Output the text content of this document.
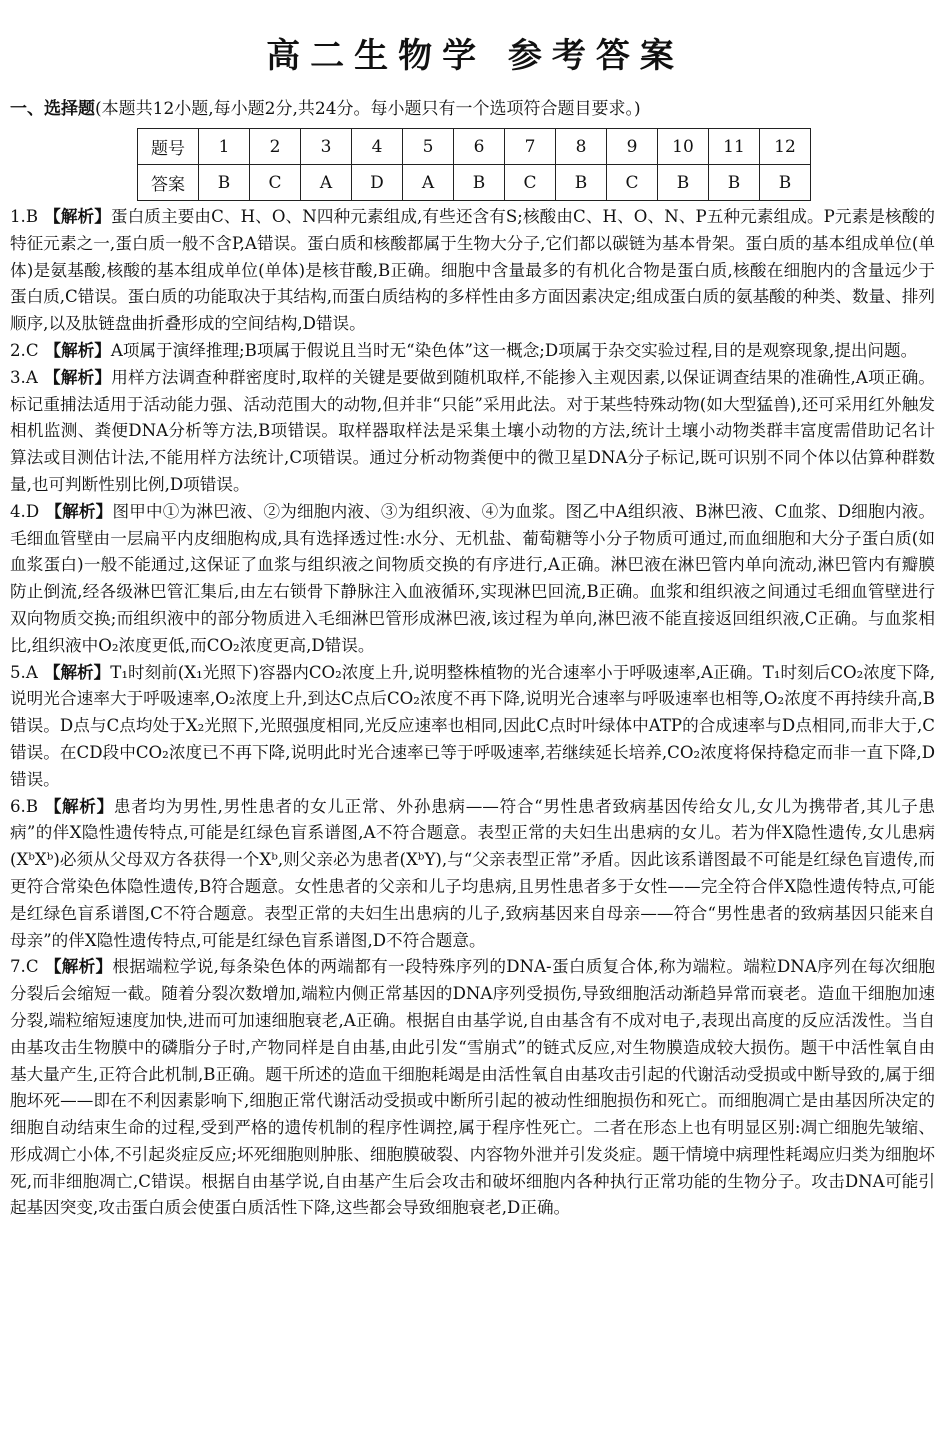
高二生物学 参考答案
一、选择题(本题共12小题,每小题2分,共24分。每小题只有一个选项符合题目要求。)
题号	1	2	3	4	5	6	7	8	9	10	11	12
答案	B	C	A	D	A	B	C	B	C	B	B	B
1.B 【解析】蛋白质主要由C、H、O、N四种元素组成,有些还含有S;核酸由C、H、O、N、P五种元素组成。P元素是核酸的特征元素之一,蛋白质一般不含P,A错误。蛋白质和核酸都属于生物大分子,它们都以碳链为基本骨架。蛋白质的基本组成单位(单体)是氨基酸,核酸的基本组成单位(单体)是核苷酸,B正确。细胞中含量最多的有机化合物是蛋白质,核酸在细胞内的含量远少于蛋白质,C错误。蛋白质的功能取决于其结构,而蛋白质结构的多样性由多方面因素决定;组成蛋白质的氨基酸的种类、数量、排列顺序,以及肽链盘曲折叠形成的空间结构,D错误。
2.C 【解析】A项属于演绎推理;B项属于假说且当时无“染色体”这一概念;D项属于杂交实验过程,目的是观察现象,提出问题。
3.A 【解析】用样方法调查种群密度时,取样的关键是要做到随机取样,不能掺入主观因素,以保证调查结果的准确性,A项正确。标记重捕法适用于活动能力强、活动范围大的动物,但并非“只能”采用此法。对于某些特殊动物(如大型猛兽),还可采用红外触发相机监测、粪便DNA分析等方法,B项错误。取样器取样法是采集土壤小动物的方法,统计土壤小动物类群丰富度需借助记名计算法或目测估计法,不能用样方法统计,C项错误。通过分析动物粪便中的微卫星DNA分子标记,既可识别不同个体以估算种群数量,也可判断性别比例,D项错误。
4.D 【解析】图甲中①为淋巴液、②为细胞内液、③为组织液、④为血浆。图乙中A组织液、B淋巴液、C血浆、D细胞内液。毛细血管壁由一层扁平内皮细胞构成,具有选择透过性:水分、无机盐、葡萄糖等小分子物质可通过,而血细胞和大分子蛋白质(如血浆蛋白)一般不能通过,这保证了血浆与组织液之间物质交换的有序进行,A正确。淋巴液在淋巴管内单向流动,淋巴管内有瓣膜防止倒流,经各级淋巴管汇集后,由左右锁骨下静脉注入血液循环,实现淋巴回流,B正确。血浆和组织液之间通过毛细血管壁进行双向物质交换;而组织液中的部分物质进入毛细淋巴管形成淋巴液,该过程为单向,淋巴液不能直接返回组织液,C正确。与血浆相比,组织液中O₂浓度更低,而CO₂浓度更高,D错误。
5.A 【解析】T₁时刻前(X₁光照下)容器内CO₂浓度上升,说明整株植物的光合速率小于呼吸速率,A正确。T₁时刻后CO₂浓度下降,说明光合速率大于呼吸速率,O₂浓度上升,到达C点后CO₂浓度不再下降,说明光合速率与呼吸速率也相等,O₂浓度不再持续升高,B错误。D点与C点均处于X₂光照下,光照强度相同,光反应速率也相同,因此C点时叶绿体中ATP的合成速率与D点相同,而非大于,C错误。在CD段中CO₂浓度已不再下降,说明此时光合速率已等于呼吸速率,若继续延长培养,CO₂浓度将保持稳定而非一直下降,D错误。
6.B 【解析】患者均为男性,男性患者的女儿正常、外孙患病——符合“男性患者致病基因传给女儿,女儿为携带者,其儿子患病”的伴X隐性遗传特点,可能是红绿色盲系谱图,A不符合题意。表型正常的夫妇生出患病的女儿。若为伴X隐性遗传,女儿患病(XᵇXᵇ)必须从父母双方各获得一个Xᵇ,则父亲必为患者(XᵇY),与“父亲表型正常”矛盾。因此该系谱图最不可能是红绿色盲遗传,而更符合常染色体隐性遗传,B符合题意。女性患者的父亲和儿子均患病,且男性患者多于女性——完全符合伴X隐性遗传特点,可能是红绿色盲系谱图,C不符合题意。表型正常的夫妇生出患病的儿子,致病基因来自母亲——符合“男性患者的致病基因只能来自母亲”的伴X隐性遗传特点,可能是红绿色盲系谱图,D不符合题意。
7.C 【解析】根据端粒学说,每条染色体的两端都有一段特殊序列的DNA-蛋白质复合体,称为端粒。端粒DNA序列在每次细胞分裂后会缩短一截。随着分裂次数增加,端粒内侧正常基因的DNA序列受损伤,导致细胞活动渐趋异常而衰老。造血干细胞加速分裂,端粒缩短速度加快,进而可加速细胞衰老,A正确。根据自由基学说,自由基含有不成对电子,表现出高度的反应活泼性。当自由基攻击生物膜中的磷脂分子时,产物同样是自由基,由此引发“雪崩式”的链式反应,对生物膜造成较大损伤。题干中活性氧自由基大量产生,正符合此机制,B正确。题干所述的造血干细胞耗竭是由活性氧自由基攻击引起的代谢活动受损或中断导致的,属于细胞坏死——即在不利因素影响下,细胞正常代谢活动受损或中断所引起的被动性细胞损伤和死亡。而细胞凋亡是由基因所决定的细胞自动结束生命的过程,受到严格的遗传机制的程序性调控,属于程序性死亡。二者在形态上也有明显区别:凋亡细胞先皱缩、形成凋亡小体,不引起炎症反应;坏死细胞则肿胀、细胞膜破裂、内容物外泄并引发炎症。题干情境中病理性耗竭应归类为细胞坏死,而非细胞凋亡,C错误。根据自由基学说,自由基产生后会攻击和破坏细胞内各种执行正常功能的生物分子。攻击DNA可能引起基因突变,攻击蛋白质会使蛋白质活性下降,这些都会导致细胞衰老,D正确。
